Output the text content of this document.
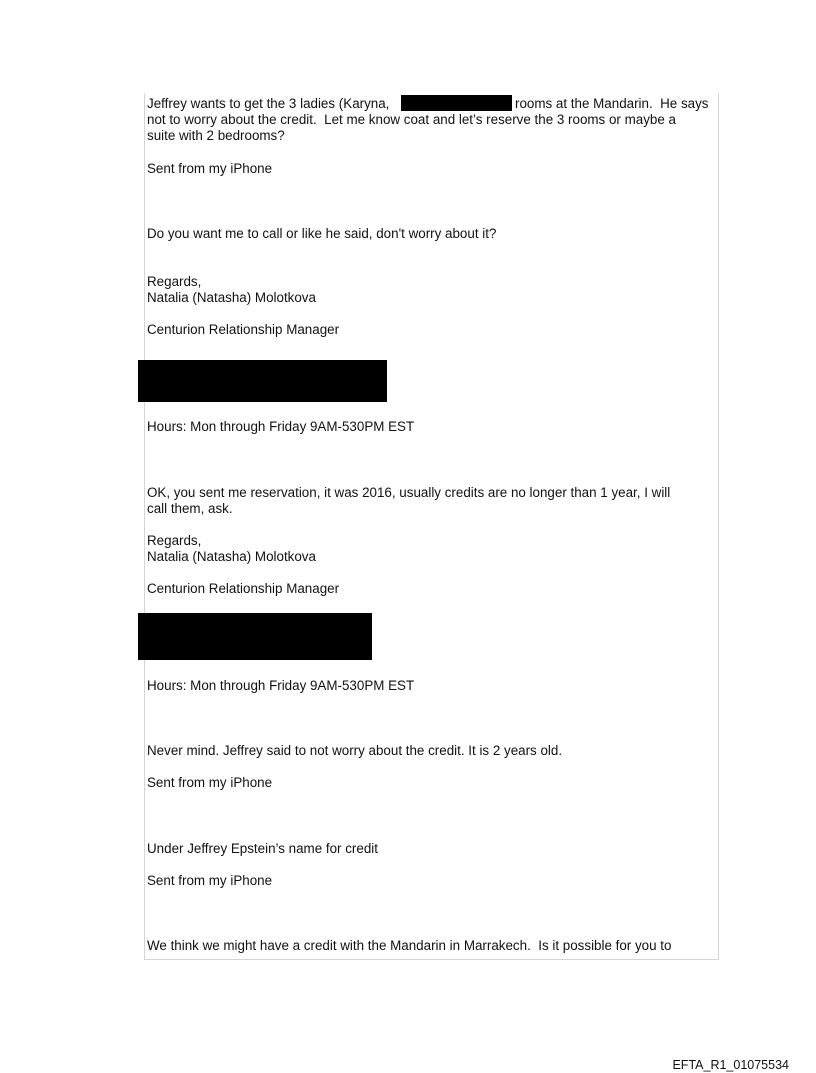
Jeffrey wants to get the 3 ladies (Karyna,	rooms at the Mandarin.  He says
not to worry about the credit.  Let me know coat and let’s reserve the 3 rooms or maybe a
suite with 2 bedrooms?
Sent from my iPhone
Do you want me to call or like he said, don't worry about it?
Regards,
Natalia (Natasha) Molotkova
Centurion Relationship Manager
Hours: Mon through Friday 9AM-530PM EST
OK, you sent me reservation, it was 2016, usually credits are no longer than 1 year, I will
call them, ask.
Regards,
Natalia (Natasha) Molotkova
Centurion Relationship Manager
Hours: Mon through Friday 9AM-530PM EST
Never mind. Jeffrey said to not worry about the credit. It is 2 years old.
Sent from my iPhone
Under Jeffrey Epstein’s name for credit
Sent from my iPhone
We think we might have a credit with the Mandarin in Marrakech.  Is it possible for you to
EFTA_R1_01075534
